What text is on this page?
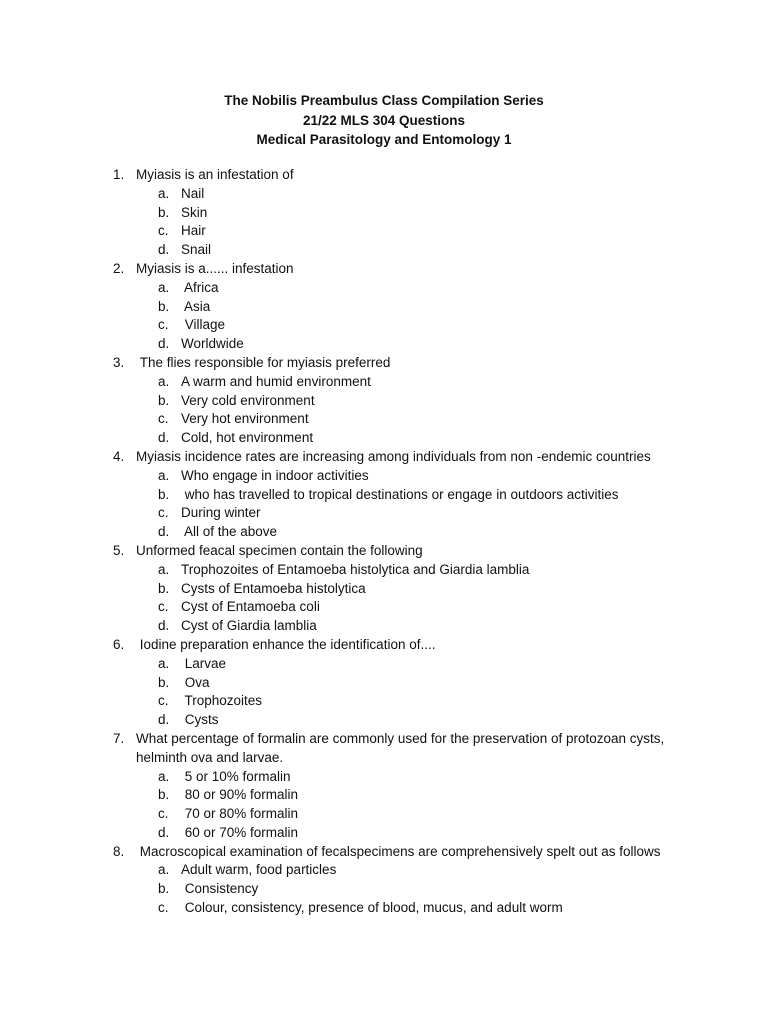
The Nobilis Preambulus Class Compilation Series
21/22 MLS 304 Questions
Medical Parasitology and Entomology 1
1. Myiasis is an infestation of
a. Nail
b. Skin
c. Hair
d. Snail
2. Myiasis is a...... infestation
a. Africa
b. Asia
c. Village
d. Worldwide
3. The flies responsible for myiasis preferred
a. A warm and humid environment
b. Very cold environment
c. Very hot environment
d. Cold, hot environment
4. Myiasis incidence rates are increasing among individuals from non -endemic countries
a. Who engage in indoor activities
b. who has travelled to tropical destinations or engage in outdoors activities
c. During winter
d. All of the above
5. Unformed feacal specimen contain the following
a. Trophozoites of Entamoeba histolytica and Giardia lamblia
b. Cysts of Entamoeba histolytica
c. Cyst of Entamoeba coli
d. Cyst of Giardia lamblia
6. Iodine preparation enhance the identification of....
a. Larvae
b. Ova
c. Trophozoites
d. Cysts
7. What percentage of formalin are commonly used for the preservation of protozoan cysts, helminth ova and larvae.
a. 5 or 10% formalin
b. 80 or 90% formalin
c. 70 or 80% formalin
d. 60 or 70% formalin
8. Macroscopical examination of fecalspecimens are comprehensively spelt out as follows
a. Adult warm, food particles
b. Consistency
c. Colour, consistency, presence of blood, mucus, and adult worm
